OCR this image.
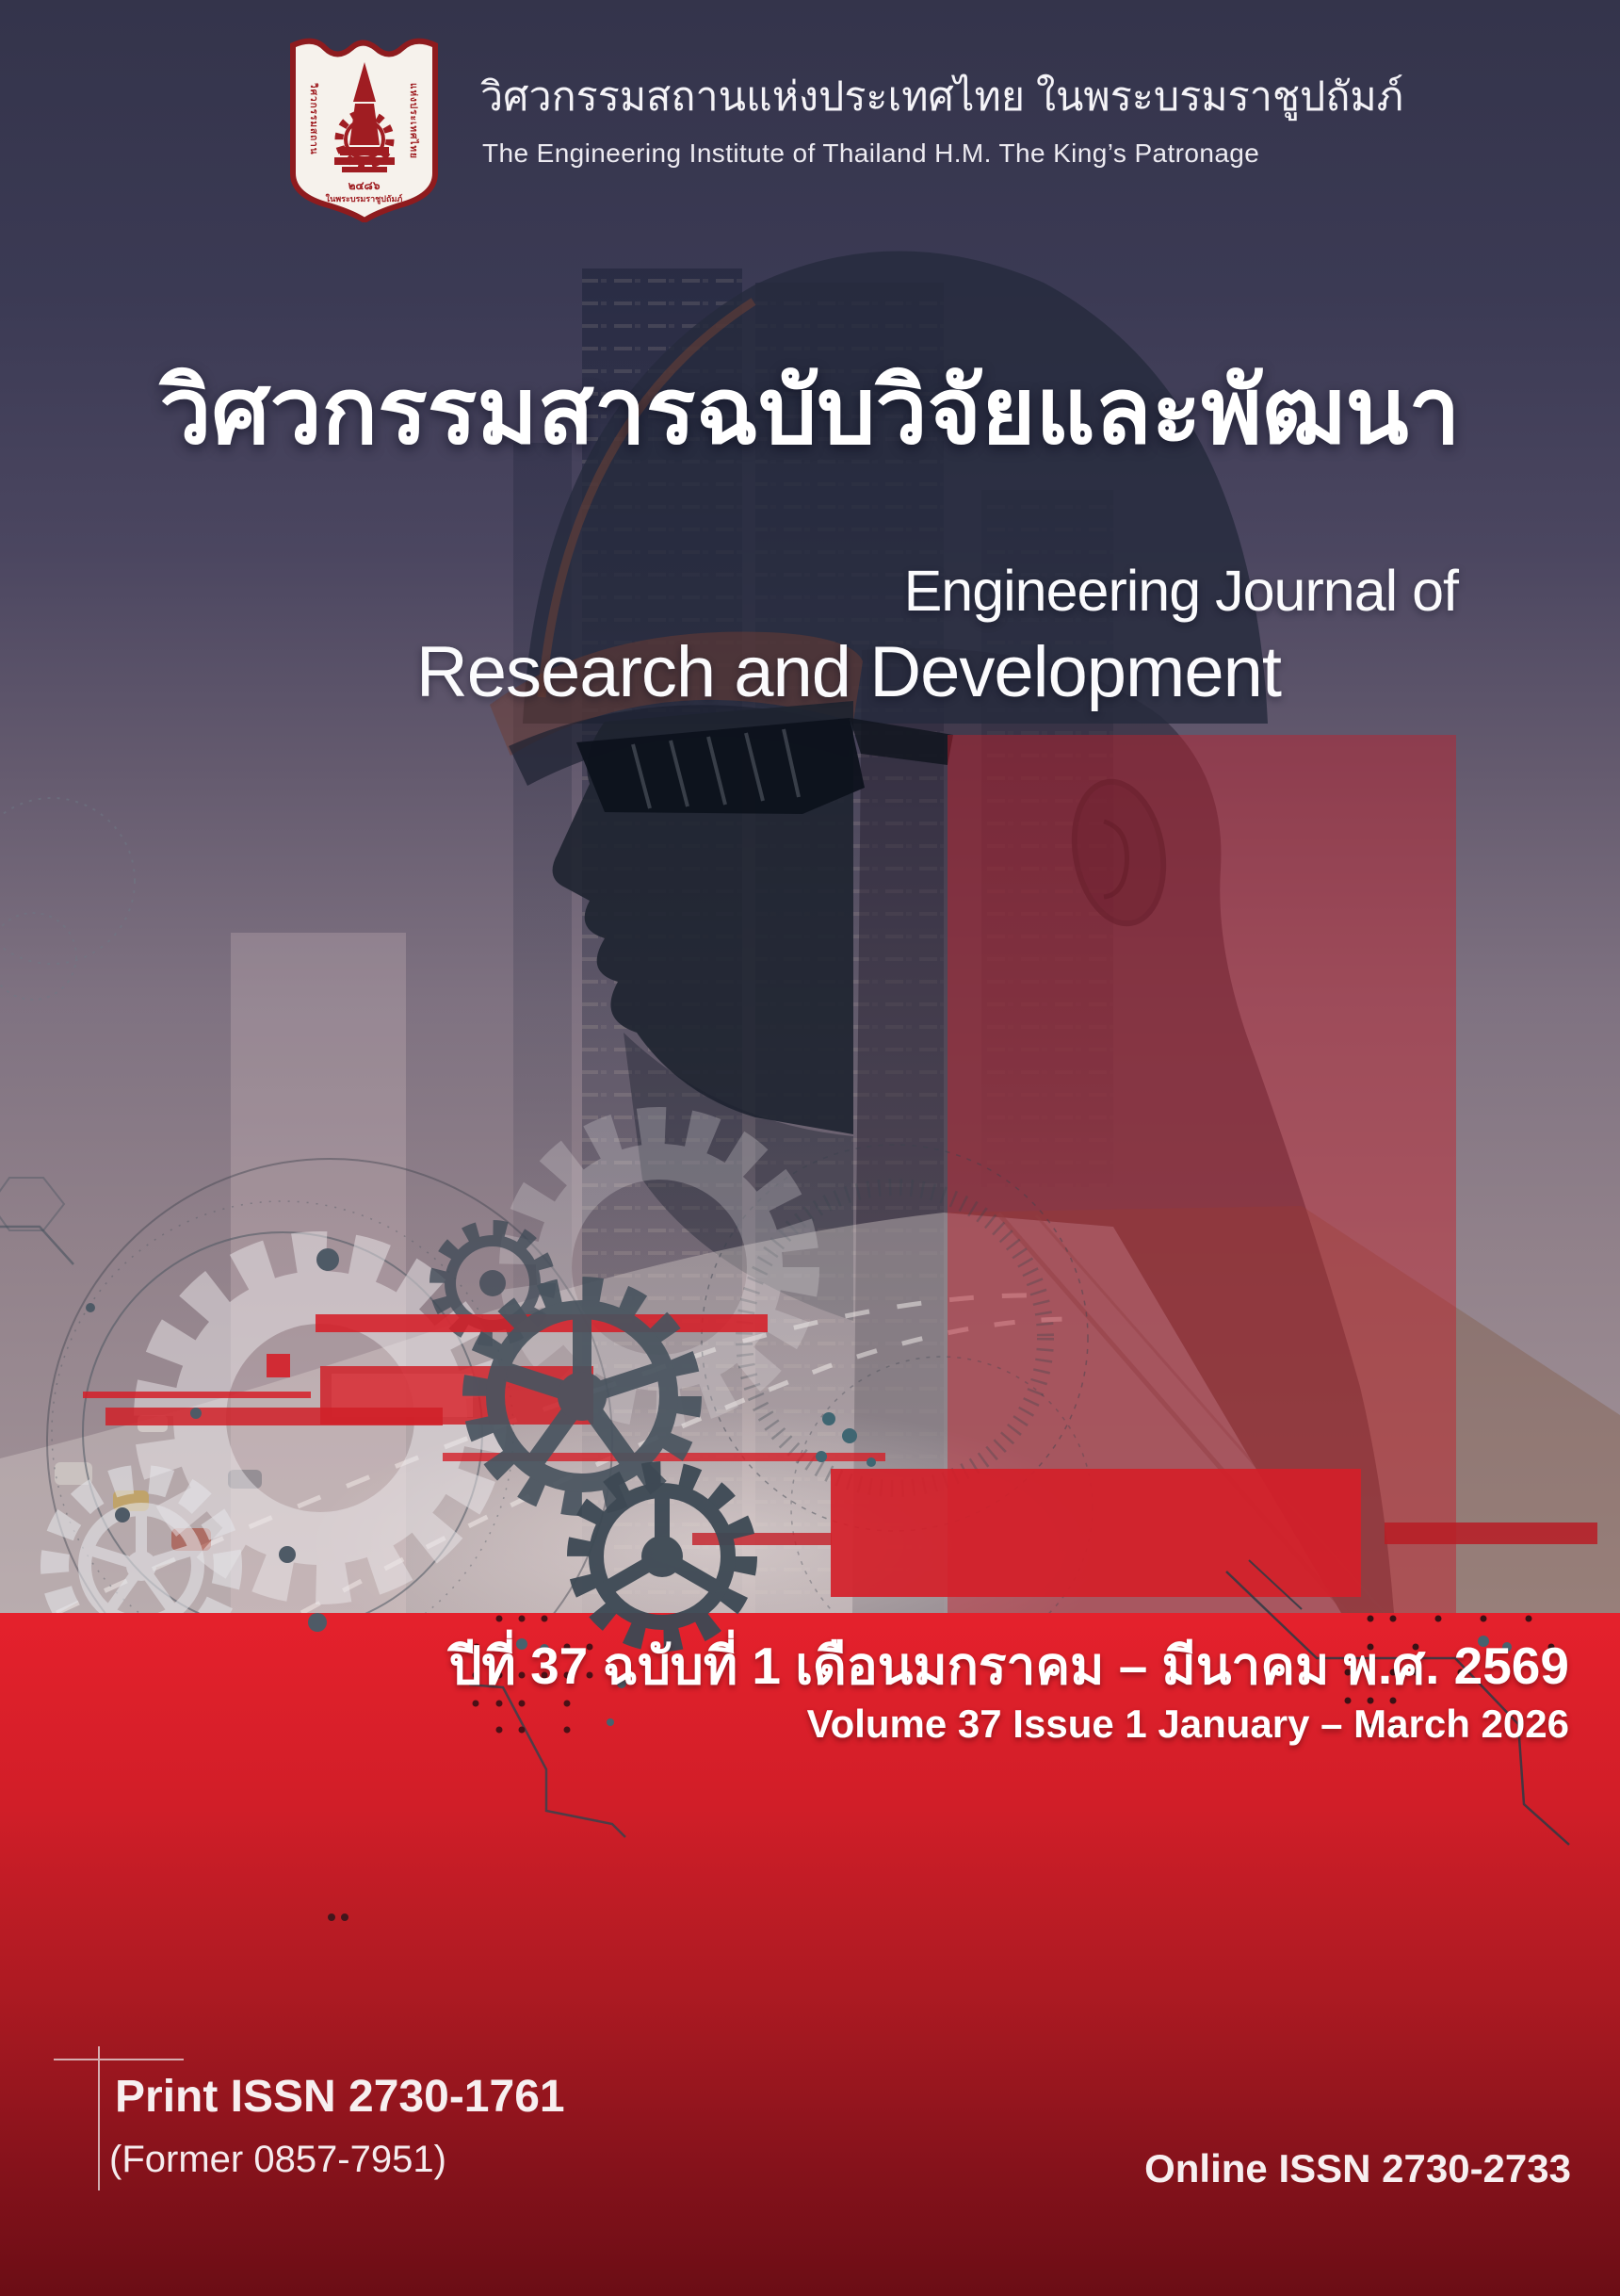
วิศวกรรมสถาน	แห่งประเทศไทย
๒๔๘๖
ในพระบรมราชูปถัมภ์
วิศวกรรมสถานแห่งประเทศไทย ในพระบรมราชูปถัมภ์
The Engineering Institute of Thailand H.M. The King’s Patronage
วิศวกรรมสารฉบับวิจัยและพัฒนา
Engineering Journal of
Research and Development
ปีที่ 37 ฉบับที่ 1 เดือนมกราคม – มีนาคม พ.ศ. 2569
Volume 37 Issue 1 January – March 2026
Print ISSN 2730-1761
(Former 0857-7951)	Online ISSN 2730-2733
